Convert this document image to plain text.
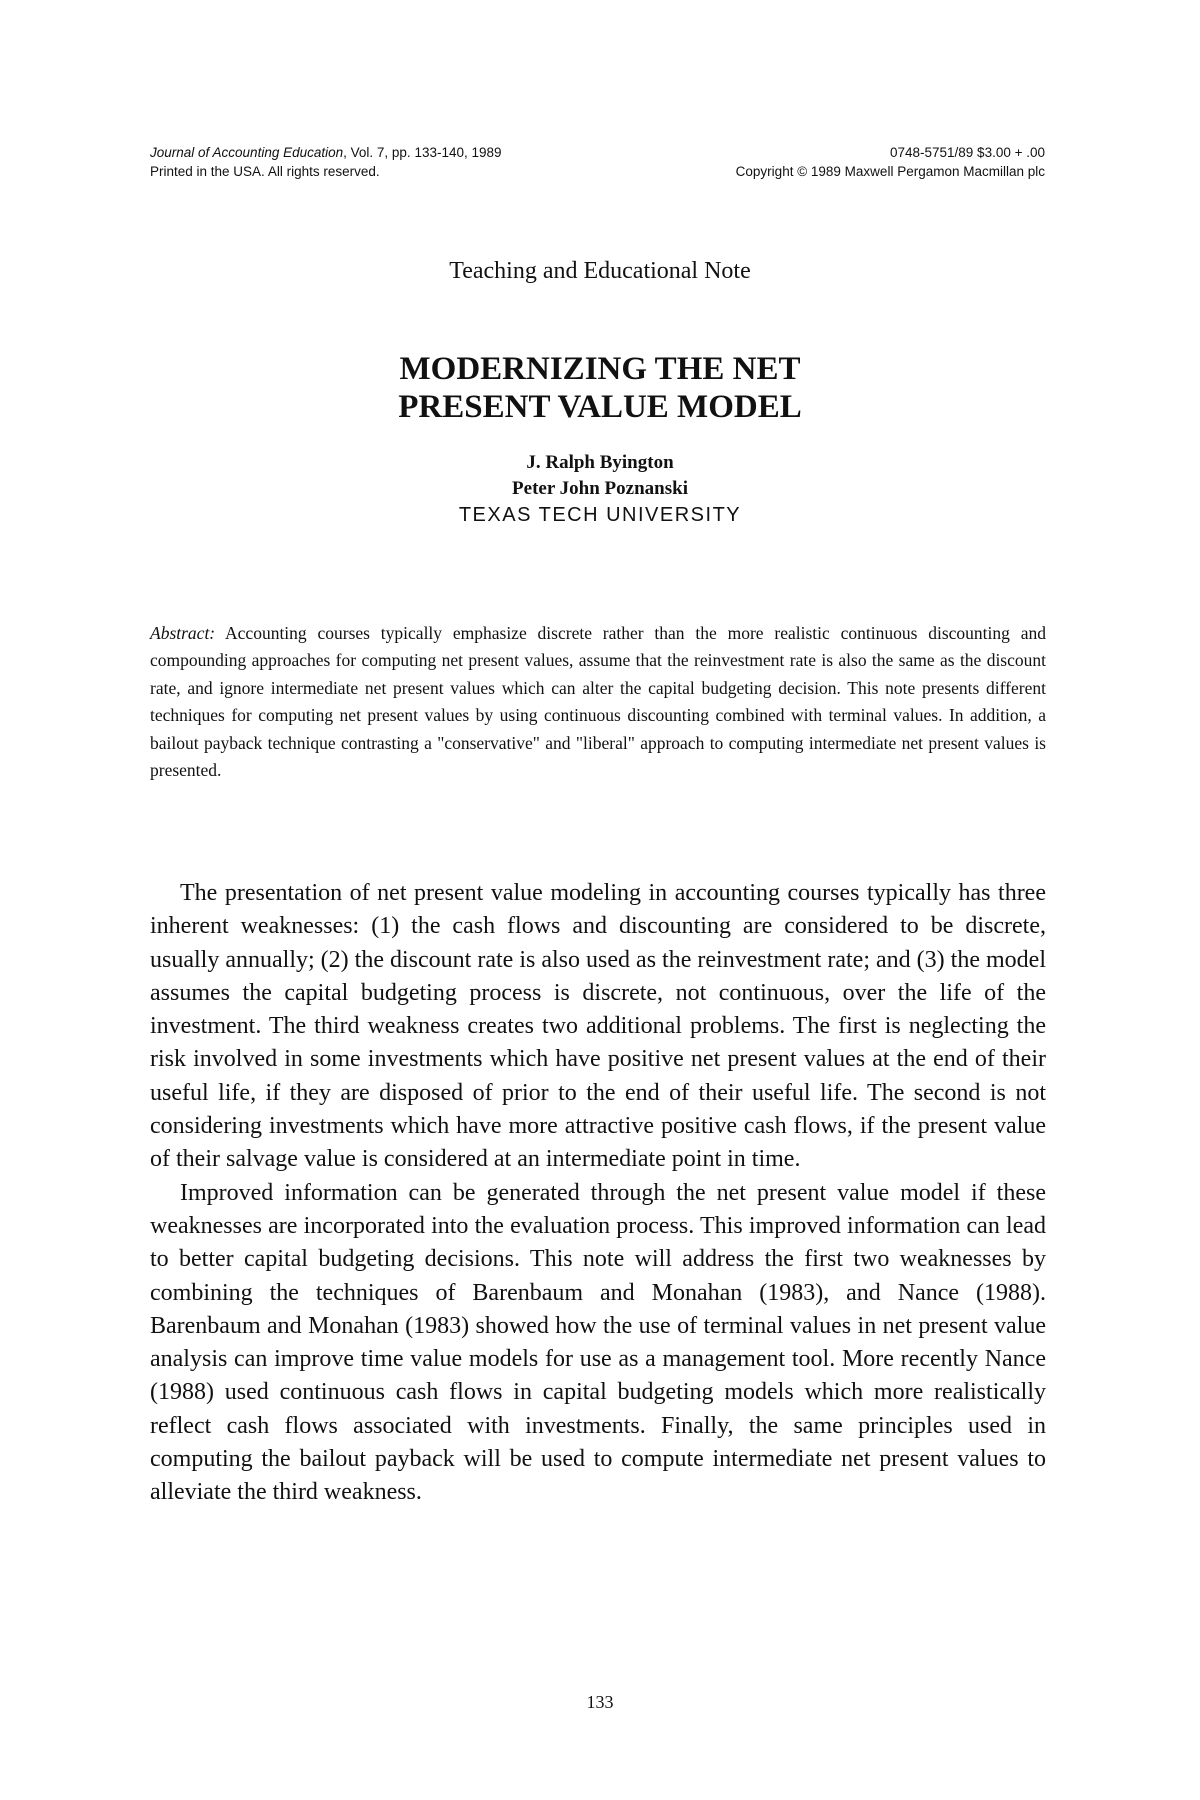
Journal of Accounting Education, Vol. 7, pp. 133-140, 1989	0748-5751/89 $3.00 + .00
Printed in the USA. All rights reserved.	Copyright © 1989 Maxwell Pergamon Macmillan plc
Teaching and Educational Note
MODERNIZING THE NET
PRESENT VALUE MODEL
J. Ralph Byington
Peter John Poznanski
TEXAS TECH UNIVERSITY
Abstract: Accounting courses typically emphasize discrete rather than the more realistic continuous discounting and compounding approaches for computing net present values, assume that the reinvestment rate is also the same as the discount rate, and ignore intermediate net present values which can alter the capital budgeting decision. This note presents different techniques for computing net present values by using continuous discounting combined with terminal values. In addition, a bailout payback technique contrasting a "conservative" and "liberal" approach to computing intermediate net present values is presented.

The presentation of net present value modeling in accounting courses typically has three inherent weaknesses: (1) the cash flows and discounting are considered to be discrete, usually annually; (2) the discount rate is also used as the reinvestment rate; and (3) the model assumes the capital budgeting process is discrete, not continuous, over the life of the investment. The third weakness creates two additional problems. The first is neglecting the risk involved in some investments which have positive net present values at the end of their useful life, if they are disposed of prior to the end of their useful life. The second is not considering investments which have more attractive positive cash flows, if the present value of their salvage value is considered at an intermediate point in time.

Improved information can be generated through the net present value model if these weaknesses are incorporated into the evaluation process. This improved information can lead to better capital budgeting decisions. This note will address the first two weaknesses by combining the techniques of Barenbaum and Monahan (1983), and Nance (1988). Barenbaum and Monahan (1983) showed how the use of terminal values in net present value analysis can improve time value models for use as a management tool. More recently Nance (1988) used continuous cash flows in capital budgeting models which more realistically reflect cash flows associated with investments. Finally, the same principles used in computing the bailout payback will be used to compute intermediate net present values to alleviate the third weakness.

133
